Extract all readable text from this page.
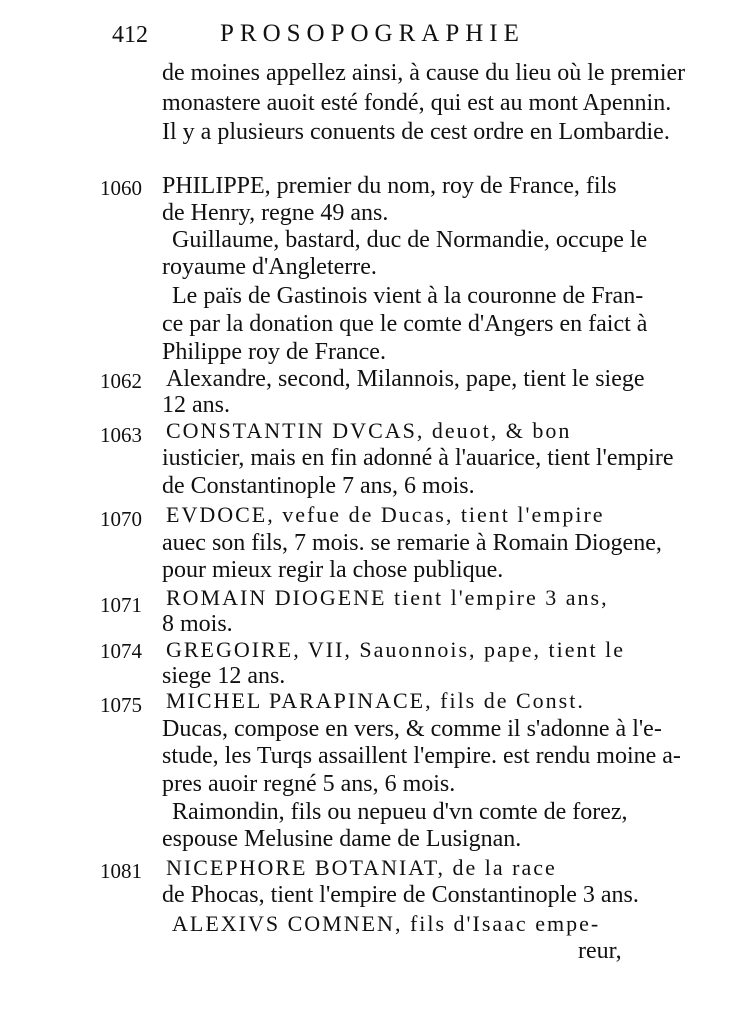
412	PROSOPOGRAPHIE
1060
1062
1063
1070
1071
1074
1075
1081
de moines appellez ainsi, à cause du lieu où le premier
monastere auoit esté fondé, qui est au mont Apennin.
Il y a plusieurs conuents de cest ordre en Lombardie.
PHILIPPE, premier du nom, roy de France, fils
de Henry, regne 49 ans.
Guillaume, bastard, duc de Normandie, occupe le
royaume d'Angleterre.
Le païs de Gastinois vient à la couronne de Fran-
ce par la donation que le comte d'Angers en faict à
Philippe roy de France.
Alexandre, second, Milannois, pape, tient le siege
12 ans.
CONSTANTIN DVCAS, deuot, & bon
iusticier, mais en fin adonné à l'auarice, tient l'empire
de Constantinople 7 ans, 6 mois.
EVDOCE, vefue de Ducas, tient l'empire
auec son fils, 7 mois. se remarie à Romain Diogene,
pour mieux regir la chose publique.
ROMAIN DIOGENE tient l'empire 3 ans,
8 mois.
GREGOIRE, VII, Sauonnois, pape, tient le
siege 12 ans.
MICHEL PARAPINACE, fils de Const.
Ducas, compose en vers, & comme il s'adonne à l'e-
stude, les Turqs assaillent l'empire. est rendu moine a-
pres auoir regné 5 ans, 6 mois.
Raimondin, fils ou nepueu d'vn comte de forez,
espouse Melusine dame de Lusignan.
NICEPHORE BOTANIAT, de la race
de Phocas, tient l'empire de Constantinople 3 ans.
ALEXIVS COMNEN, fils d'Isaac empe-
reur,
